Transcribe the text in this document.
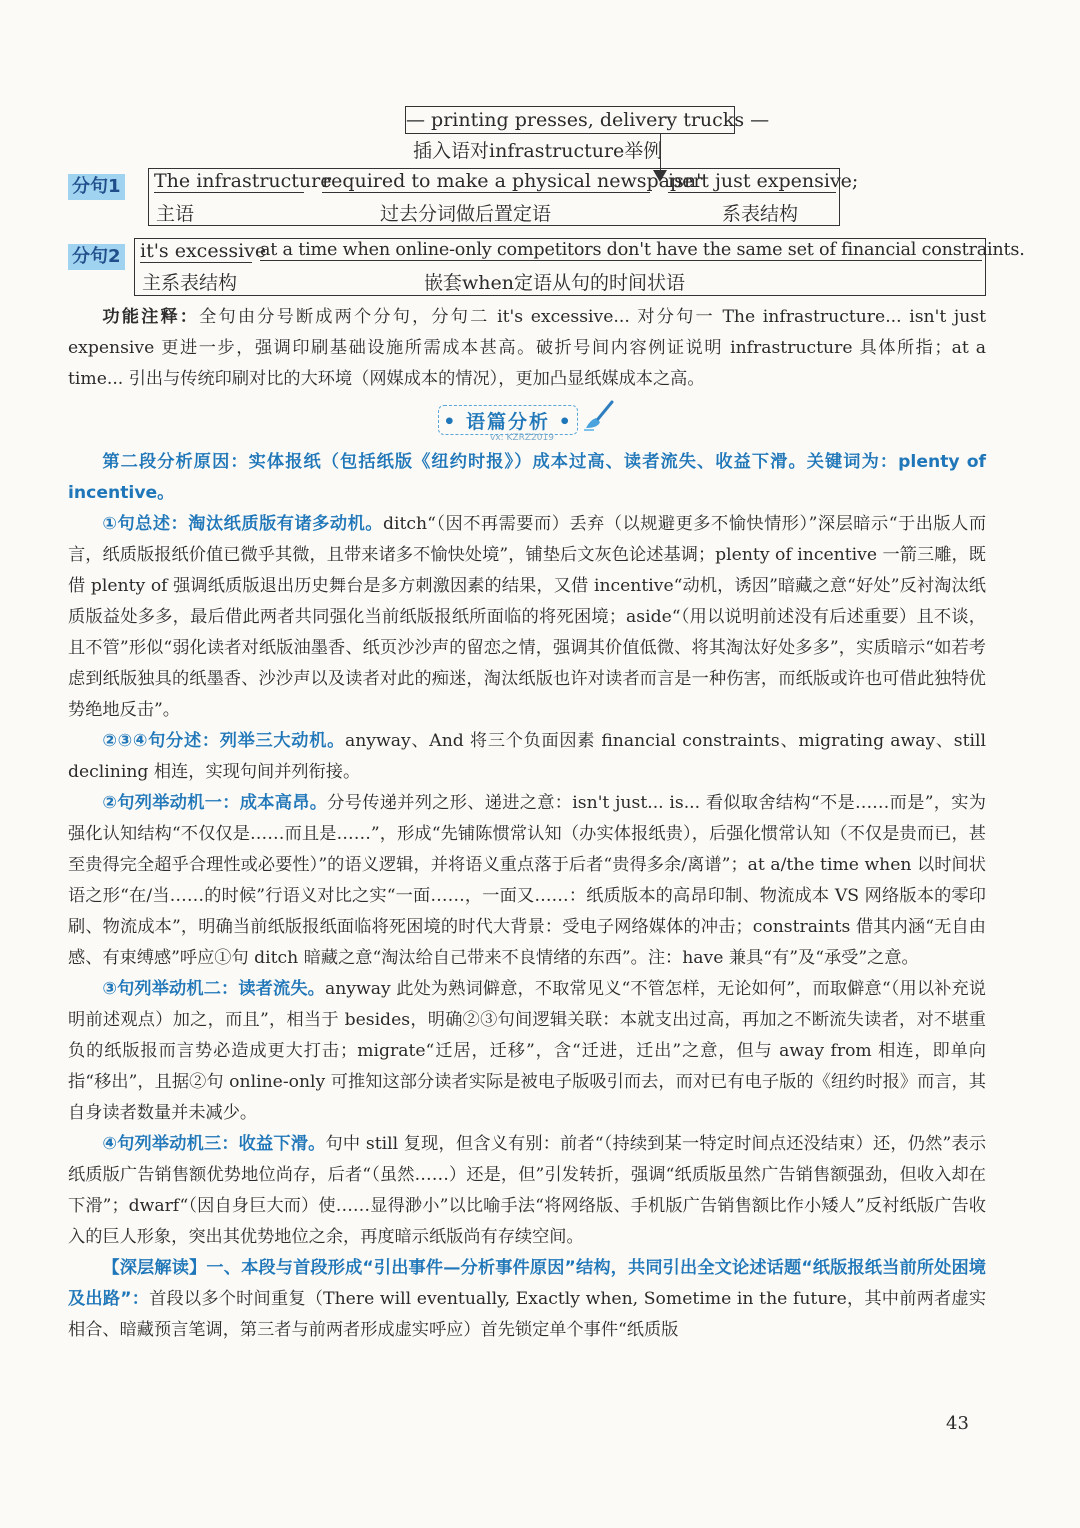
— printing presses, delivery trucks —
插入语对infrastructure举例
分句1 The infrastructure
required to make a physical newspaper
isn't just expensive;
主语	过去分词做后置定语	系表结构
分句2 it's excessive
at a time when online-only competitors don't have the same set of financial constraints.
主系表结构	嵌套when定语从句的时间状语

功能注释：全句由分号断成两个分句，分句二 it's excessive... 对分句一 The infrastructure... isn't just expensive 更进一步，强调印刷基础设施所需成本甚高。破折号间内容例证说明 infrastructure 具体所指；at a time... 引出与传统印刷对比的大环境（网媒成本的情况），更加凸显纸媒成本之高。

• 语篇分析 •
vx: KZRZ2019

第二段分析原因：实体报纸（包括纸版《纽约时报》）成本过高、读者流失、收益下滑。关键词为：plenty of incentive。

①句总述：淘汰纸质版有诸多动机。ditch“（因不再需要而）丢弃（以规避更多不愉快情形）”深层暗示“于出版人而言，纸质版报纸价值已微乎其微，且带来诸多不愉快处境”，铺垫后文灰色论述基调；plenty of incentive 一箭三雕，既借 plenty of 强调纸质版退出历史舞台是多方刺激因素的结果，又借 incentive“动机，诱因”暗藏之意“好处”反衬淘汰纸质版益处多多，最后借此两者共同强化当前纸版报纸所面临的将死困境；aside“（用以说明前述没有后述重要）且不谈，且不管”形似“弱化读者对纸版油墨香、纸页沙沙声的留恋之情，强调其价值低微、将其淘汰好处多多”，实质暗示“如若考虑到纸版独具的纸墨香、沙沙声以及读者对此的痴迷，淘汰纸版也许对读者而言是一种伤害，而纸版或许也可借此独特优势绝地反击”。

②③④句分述：列举三大动机。anyway、And 将三个负面因素 financial constraints、migrating away、still declining 相连，实现句间并列衔接。

②句列举动机一：成本高昂。分号传递并列之形、递进之意：isn't just... is... 看似取舍结构“不是……而是”，实为强化认知结构“不仅仅是……而且是……”，形成“先铺陈惯常认知（办实体报纸贵），后强化惯常认知（不仅是贵而已，甚至贵得完全超乎合理性或必要性）”的语义逻辑，并将语义重点落于后者“贵得多余/离谱”；at a/the time when 以时间状语之形“在/当……的时候”行语义对比之实“一面……，一面又……：纸质版本的高昂印制、物流成本 VS 网络版本的零印刷、物流成本”，明确当前纸版报纸面临将死困境的时代大背景：受电子网络媒体的冲击；constraints 借其内涵“无自由感、有束缚感”呼应①句 ditch 暗藏之意“淘汰给自己带来不良情绪的东西”。注：have 兼具“有”及“承受”之意。

③句列举动机二：读者流失。anyway 此处为熟词僻意，不取常见义“不管怎样，无论如何”，而取僻意“（用以补充说明前述观点）加之，而且”，相当于 besides，明确②③句间逻辑关联：本就支出过高，再加之不断流失读者，对不堪重负的纸版报而言势必造成更大打击；migrate“迁居，迁移”，含“迁进，迁出”之意，但与 away from 相连，即单向指“移出”，且据②句 online-only 可推知这部分读者实际是被电子版吸引而去，而对已有电子版的《纽约时报》而言，其自身读者数量并未减少。

④句列举动机三：收益下滑。句中 still 复现，但含义有别：前者“（持续到某一特定时间点还没结束）还，仍然”表示纸质版广告销售额优势地位尚存，后者“（虽然……）还是，但”引发转折，强调“纸质版虽然广告销售额强劲，但收入却在下滑”；dwarf“（因自身巨大而）使……显得渺小”以比喻手法“将网络版、手机版广告销售额比作小矮人”反衬纸版广告收入的巨人形象，突出其优势地位之余，再度暗示纸版尚有存续空间。

【深层解读】一、本段与首段形成“引出事件—分析事件原因”结构，共同引出全文论述话题“纸版报纸当前所处困境及出路”：首段以多个时间重复（There will eventually, Exactly when, Sometime in the future，其中前两者虚实相合、暗藏预言笔调，第三者与前两者形成虚实呼应）首先锁定单个事件“纸质版

43
